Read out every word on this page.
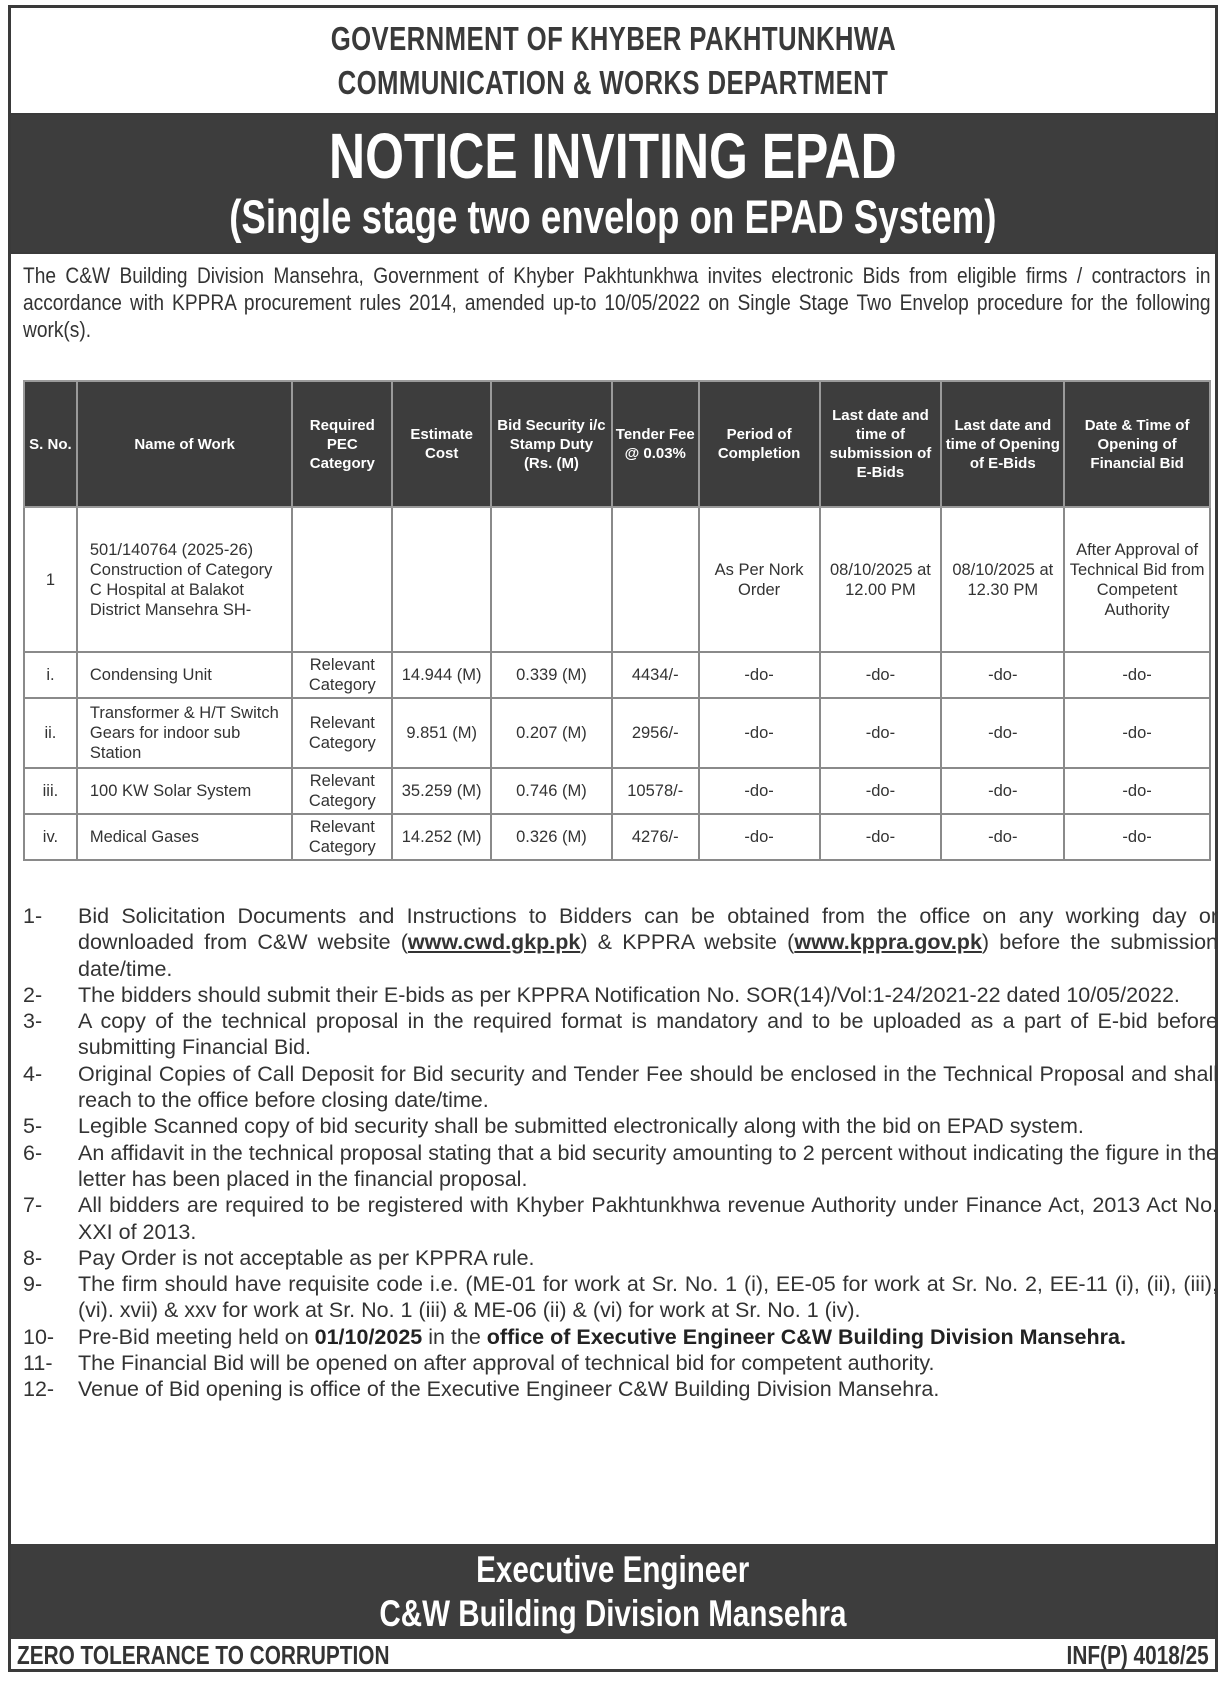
GOVERNMENT OF KHYBER PAKHTUNKHWA
COMMUNICATION & WORKS DEPARTMENT
NOTICE INVITING EPAD
(Single stage two envelop on EPAD System)

The C&W Building Division Mansehra, Government of Khyber Pakhtunkhwa invites electronic Bids from eligible firms / contractors in accordance with KPPRA procurement rules 2014, amended up-to 10/05/2022 on Single Stage Two Envelop procedure for the following work(s).

S. No.	Name of Work	Required PEC Category	Estimate Cost	Bid Security i/c Stamp Duty (Rs. (M)	Tender Fee @ 0.03%	Period of Completion	Last date and time of submission of E-Bids	Last date and time of Opening of E-Bids	Date & Time of Opening of Financial Bid
1	501/140764 (2025-26) Construction of Category C Hospital at Balakot District Mansehra SH-					As Per Nork Order	08/10/2025 at 12.00 PM	08/10/2025 at 12.30 PM	After Approval of Technical Bid from Competent Authority
i.	Condensing Unit	Relevant Category	14.944 (M)	0.339 (M)	4434/-	-do-	-do-	-do-	-do-
ii.	Transformer & H/T Switch Gears for indoor sub Station	Relevant Category	9.851 (M)	0.207 (M)	2956/-	-do-	-do-	-do-	-do-
iii.	100 KW Solar System	Relevant Category	35.259 (M)	0.746 (M)	10578/-	-do-	-do-	-do-	-do-
iv.	Medical Gases	Relevant Category	14.252 (M)	0.326 (M)	4276/-	-do-	-do-	-do-	-do-
1-	Bid Solicitation Documents and Instructions to Bidders can be obtained from the office on any working day or downloaded from C&W website (www.cwd.gkp.pk) & KPPRA website (www.kppra.gov.pk) before the submission date/time.
2-	The bidders should submit their E-bids as per KPPRA Notification No. SOR(14)/Vol:1-24/2021-22 dated 10/05/2022.
3-	A copy of the technical proposal in the required format is mandatory and to be uploaded as a part of E-bid before submitting Financial Bid.
4-	Original Copies of Call Deposit for Bid security and Tender Fee should be enclosed in the Technical Proposal and shall reach to the office before closing date/time.
5-	Legible Scanned copy of bid security shall be submitted electronically along with the bid on EPAD system.
6-	An affidavit in the technical proposal stating that a bid security amounting to 2 percent without indicating the figure in the letter has been placed in the financial proposal.
7-	All bidders are required to be registered with Khyber Pakhtunkhwa revenue Authority under Finance Act, 2013 Act No. XXI of 2013.
8-	Pay Order is not acceptable as per KPPRA rule.
9-	The firm should have requisite code i.e. (ME-01 for work at Sr. No. 1 (i), EE-05 for work at Sr. No. 2, EE-11 (i), (ii), (iii), (vi). xvii) & xxv for work at Sr. No. 1 (iii) & ME-06 (ii) & (vi) for work at Sr. No. 1 (iv).
10-	Pre-Bid meeting held on 01/10/2025 in the office of Executive Engineer C&W Building Division Mansehra.
11-	The Financial Bid will be opened on after approval of technical bid for competent authority.
12-	Venue of Bid opening is office of the Executive Engineer C&W Building Division Mansehra.
Executive Engineer
C&W Building Division Mansehra
ZERO TOLERANCE TO CORRUPTION	INF(P) 4018/25
